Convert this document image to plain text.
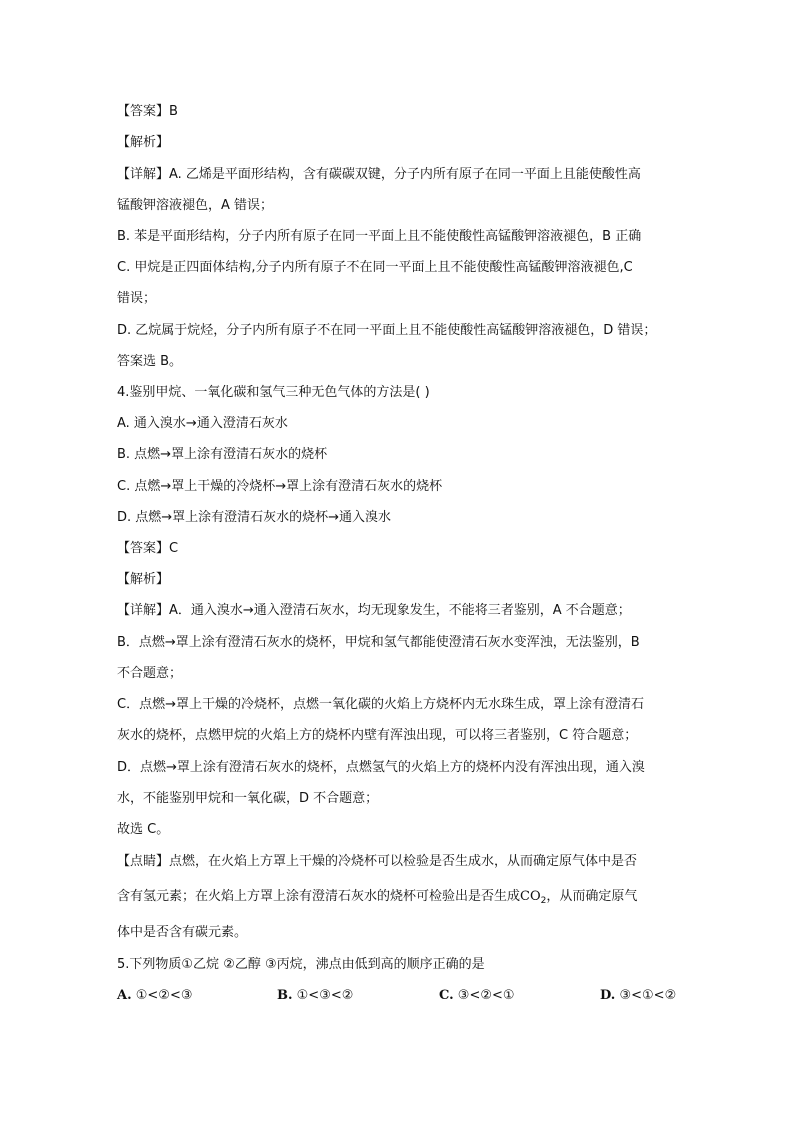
【答案】B
【解析】
【详解】A. 乙烯是平面形结构，含有碳碳双键，分子内所有原子在同一平面上且能使酸性高
锰酸钾溶液褪色，A 错误；
B. 苯是平面形结构，分子内所有原子在同一平面上且不能使酸性高锰酸钾溶液褪色，B 正确
C. 甲烷是正四面体结构,分子内所有原子不在同一平面上且不能使酸性高锰酸钾溶液褪色,C
错误；
D. 乙烷属于烷烃，分子内所有原子不在同一平面上且不能使酸性高锰酸钾溶液褪色，D 错误；
答案选 B。
4.鉴别甲烷、一氧化碳和氢气三种无色气体的方法是( )
A. 通入溴水→通入澄清石灰水
B. 点燃→罩上涂有澄清石灰水的烧杯
C. 点燃→罩上干燥的冷烧杯→罩上涂有澄清石灰水的烧杯
D. 点燃→罩上涂有澄清石灰水的烧杯→通入溴水
【答案】C
【解析】
【详解】A．通入溴水→通入澄清石灰水，均无现象发生，不能将三者鉴别，A 不合题意；
B．点燃→罩上涂有澄清石灰水的烧杯，甲烷和氢气都能使澄清石灰水变浑浊，无法鉴别，B
不合题意；
C．点燃→罩上干燥的冷烧杯，点燃一氧化碳的火焰上方烧杯内无水珠生成，罩上涂有澄清石
灰水的烧杯，点燃甲烷的火焰上方的烧杯内壁有浑浊出现，可以将三者鉴别，C 符合题意；
D．点燃→罩上涂有澄清石灰水的烧杯，点燃氢气的火焰上方的烧杯内没有浑浊出现，通入溴
水，不能鉴别甲烷和一氧化碳，D 不合题意；
故选 C。
【点睛】点燃，在火焰上方罩上干燥的冷烧杯可以检验是否生成水，从而确定原气体中是否
含有氢元素；在火焰上方罩上涂有澄清石灰水的烧杯可检验出是否生成$CO_2$，从而确定原气
体中是否含有碳元素。
5.下列物质①乙烷 ②乙醇 ③丙烷，沸点由低到高的顺序正确的是
A. ①<②<③	B. ①<③<②	C. ③<②<①	D. ③<①<②
